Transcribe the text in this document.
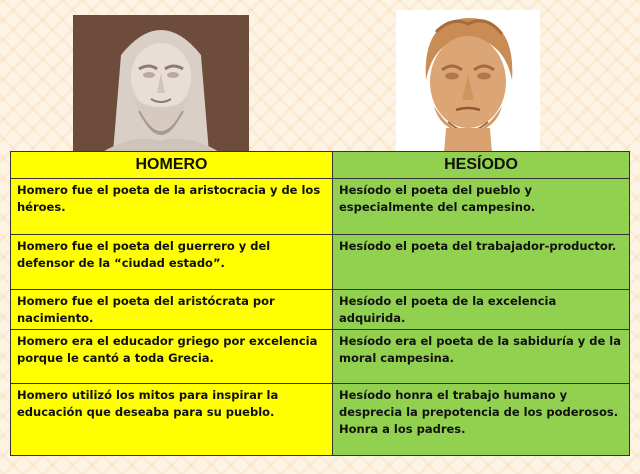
HOMERO	HESÍODO
Homero fue el poeta de la aristocracia y de los héroes.	Hesíodo el poeta del pueblo y especialmente del campesino.
Homero fue el poeta del guerrero y del defensor de la “ciudad estado”.	Hesíodo el poeta del trabajador-productor.
Homero fue el poeta del aristócrata por nacimiento.	Hesíodo el poeta de la excelencia adquirida.
Homero era el educador griego por excelencia porque le cantó a toda Grecia.	Hesíodo era el poeta de la sabiduría y de la moral campesina.
Homero utilizó los mitos para inspirar la educación que deseaba para su pueblo.	Hesíodo honra el trabajo humano y desprecia la prepotencia de los poderosos. Honra a los padres.
